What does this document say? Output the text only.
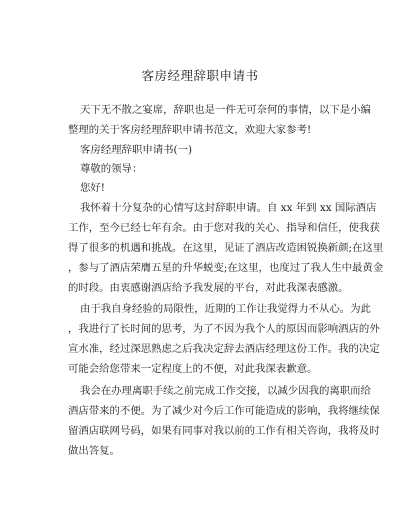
客房经理辞职申请书
天下无不散之宴席，辞职也是一件无可奈何的事情，以下是小编
整理的关于客房经理辞职申请书范文，欢迎大家参考!
客房经理辞职申请书(一)
尊敬的领导：
您好!
我怀着十分复杂的心情写这封辞职申请。自 xx 年到 xx 国际酒店
工作，至今已经七年有余。由于您对我的关心、指导和信任，使我获
得了很多的机遇和挑战。在这里，见证了酒店改造困锐换新颜;在这里
，参与了酒店荣膺五星的升华蜕变;在这里，也度过了我人生中最黄金
的时段。由衷感谢酒店给予我发展的平台，对此我深表感激。
由于我自身经验的局限性，近期的工作让我觉得力不从心。为此
，我进行了长时间的思考，为了不因为我个人的原因而影响酒店的外
宣水准，经过深思熟虑之后我决定辞去酒店经理这份工作。我的决定
可能会给您带来一定程度上的不便，对此我深表歉意。
我会在办理离职手续之前完成工作交接，以减少因我的离职而给
酒店带来的不便。为了减少对今后工作可能造成的影响，我将继续保
留酒店联网号码，如果有同事对我以前的工作有相关咨询，我将及时
做出答复。
